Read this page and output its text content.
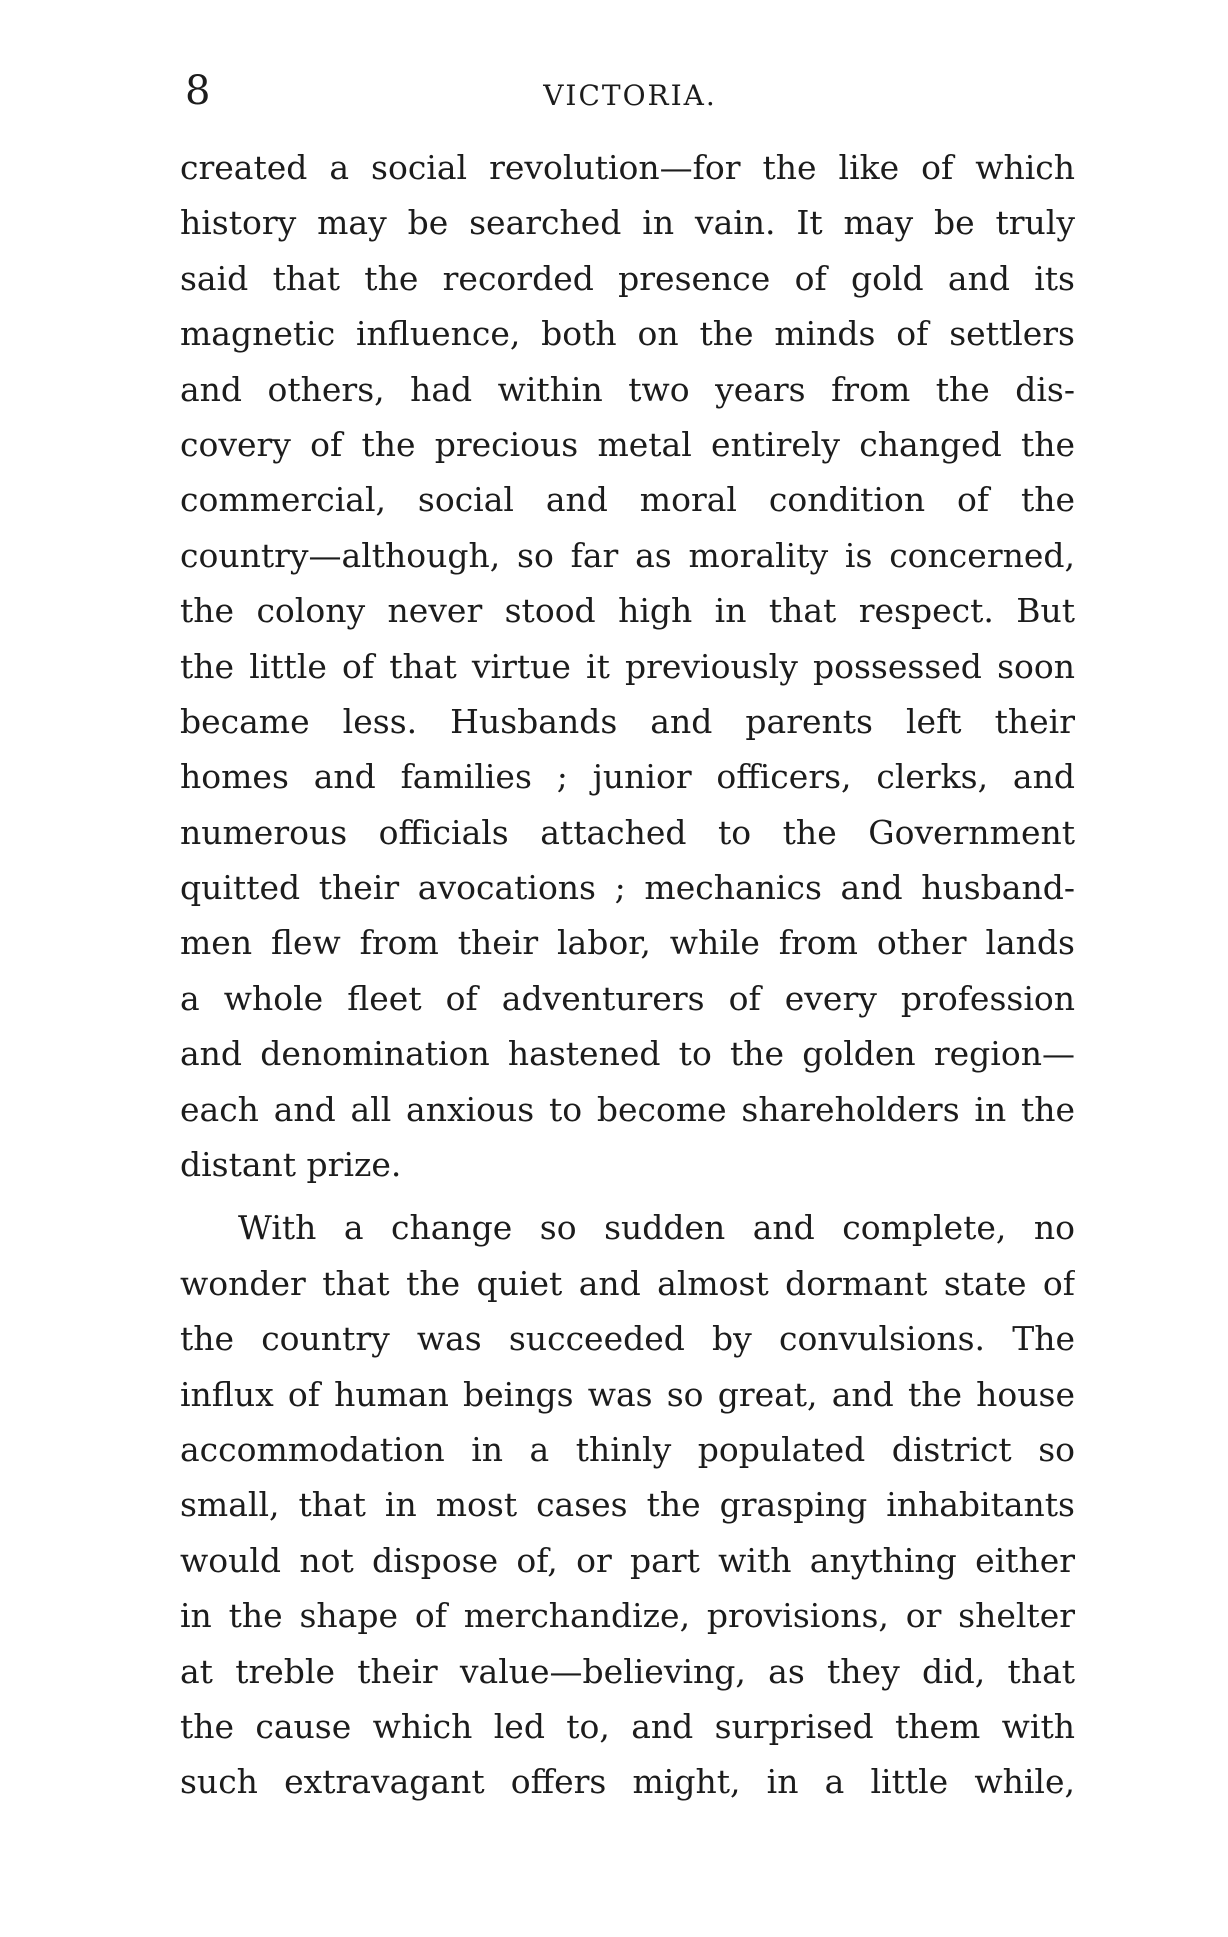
8	VICTORIA.
created a social revolution—for the like of which
history may be searched in vain. It may be truly
said that the recorded presence of gold and its
magnetic influence, both on the minds of settlers
and others, had within two years from the dis-
covery of the precious metal entirely changed the
commercial, social and moral condition of the
country—although, so far as morality is concerned,
the colony never stood high in that respect. But
the little of that virtue it previously possessed soon
became less. Husbands and parents left their
homes and families ; junior officers, clerks, and
numerous officials attached to the Government
quitted their avocations ; mechanics and husband-
men flew from their labor, while from other lands
a whole fleet of adventurers of every profession
and denomination hastened to the golden region—
each and all anxious to become shareholders in the
distant prize.
With a change so sudden and complete, no
wonder that the quiet and almost dormant state of
the country was succeeded by convulsions. The
influx of human beings was so great, and the house
accommodation in a thinly populated district so
small, that in most cases the grasping inhabitants
would not dispose of, or part with anything either
in the shape of merchandize, provisions, or shelter
at treble their value—believing, as they did, that
the cause which led to, and surprised them with
such extravagant offers might, in a little while,
